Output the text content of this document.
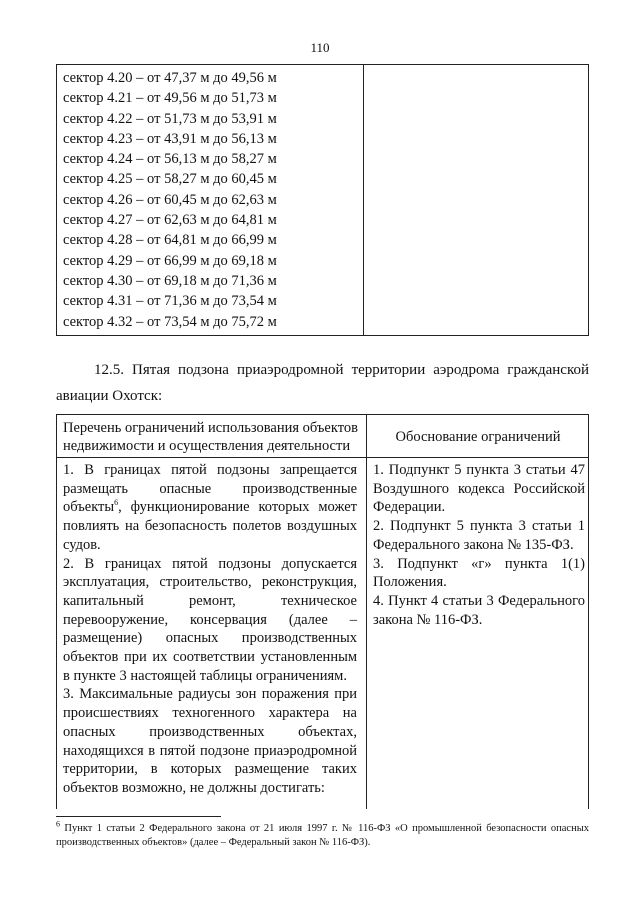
110
сектор 4.20 – от 47,37 м до 49,56 м
сектор 4.21 – от 49,56 м до 51,73 м
сектор 4.22 – от 51,73 м до 53,91 м
сектор 4.23 – от 43,91 м до 56,13 м
сектор 4.24 – от 56,13 м до 58,27 м
сектор 4.25 – от 58,27 м до 60,45 м
сектор 4.26 – от 60,45 м до 62,63 м
сектор 4.27 – от 62,63 м до 64,81 м
сектор 4.28 – от 64,81 м до 66,99 м
сектор 4.29 – от 66,99 м до 69,18 м
сектор 4.30 – от 69,18 м до 71,36 м
сектор 4.31 – от 71,36 м до 73,54 м
сектор 4.32 – от 73,54 м до 75,72 м
12.5. Пятая подзона приаэродромной территории аэродрома гражданской
авиации Охотск:
Перечень ограничений использования объектов недвижимости и осуществления деятельности
Обоснование ограничений

1. В границах пятой подзоны запрещается размещать опасные производственные объекты$^6$, функционирование которых может повлиять на безопасность полетов воздушных судов.

2. В границах пятой подзоны допускается эксплуатация, строительство, реконструкция, капитальный ремонт, техническое перевооружение, консервация (далее – размещение) опасных производственных объектов при их соответствии установленным в пункте 3 настоящей таблицы ограничениям.

3. Максимальные радиусы зон поражения при происшествиях техногенного характера на опасных производственных объектах, находящихся в пятой подзоне приаэродромной территории, в которых размещение таких объектов возможно, не должны достигать:

1. Подпункт 5 пункта 3 статьи 47 Воздушного кодекса Российской Федерации.

2. Подпункт 5 пункта 3 статьи 1 Федерального закона № 135-ФЗ.

3. Подпункт «г» пункта 1(1) Положения.

4. Пункт 4 статьи 3 Федерального закона № 116-ФЗ.

$^6$ Пункт 1 статьи 2 Федерального закона от 21 июля 1997 г. № 116-ФЗ «О промышленной безопасности опасных производственных объектов» (далее – Федеральный закон № 116-ФЗ).
